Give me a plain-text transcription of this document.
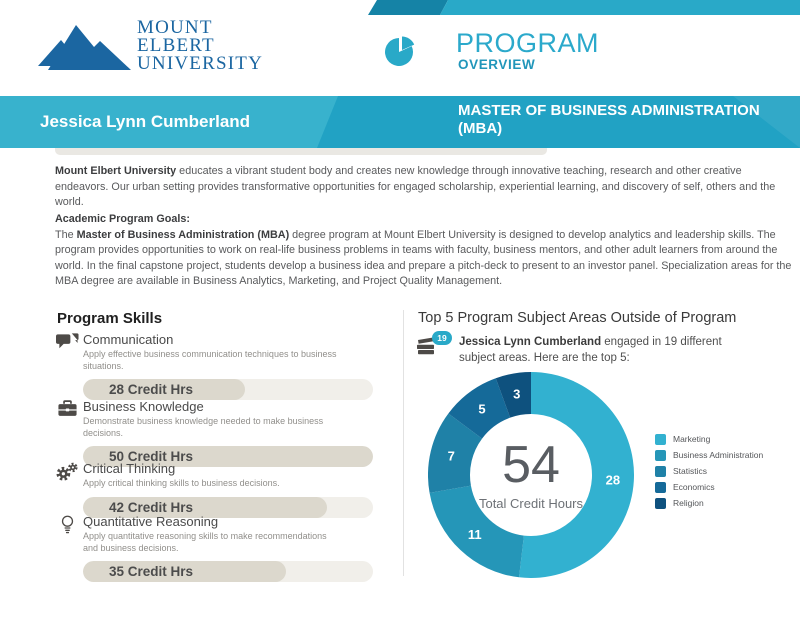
MOUNT
ELBERT
UNIVERSITY
PROGRAM
OVERVIEW
Jessica Lynn Cumberland
MASTER OF BUSINESS ADMINISTRATION (MBA)

Mount Elbert University educates a vibrant student body and creates new knowledge through innovative teaching, research and other creative endeavors. Our urban setting provides transformative opportunities for engaged scholarship, experiential learning, and discovery of self, others and the world.

Academic Program Goals:

The Master of Business Administration (MBA) degree program at Mount Elbert University is designed to develop analytics and leadership skills. The program provides opportunities to work on real-life business problems in teams with faculty, business mentors, and other adult learners from around the world. In the final capstone project, students develop a business idea and prepare a pitch-deck to present to an investor panel. Specialization areas for the MBA degree are available in Business Analytics, Marketing, and Project Quality Management.

Program Skills
Communication
Apply effective business communication techniques to business situations.
28 Credit Hrs
Business Knowledge
Demonstrate business knowledge needed to make business decisions.
50 Credit Hrs
Critical Thinking
Apply critical thinking skills to business decisions.
42 Credit Hrs
Quantitative Reasoning
Apply quantitative reasoning skills to make recommendations and business decisions.
35 Credit Hrs
Top 5 Program Subject Areas Outside of Program
19	Jessica Lynn Cumberland engaged in 19 different subject areas. Here are the top 5:

28
11
7
5
3
54
Total Credit Hours
Marketing
Business Administration
Statistics
Economics
Religion
